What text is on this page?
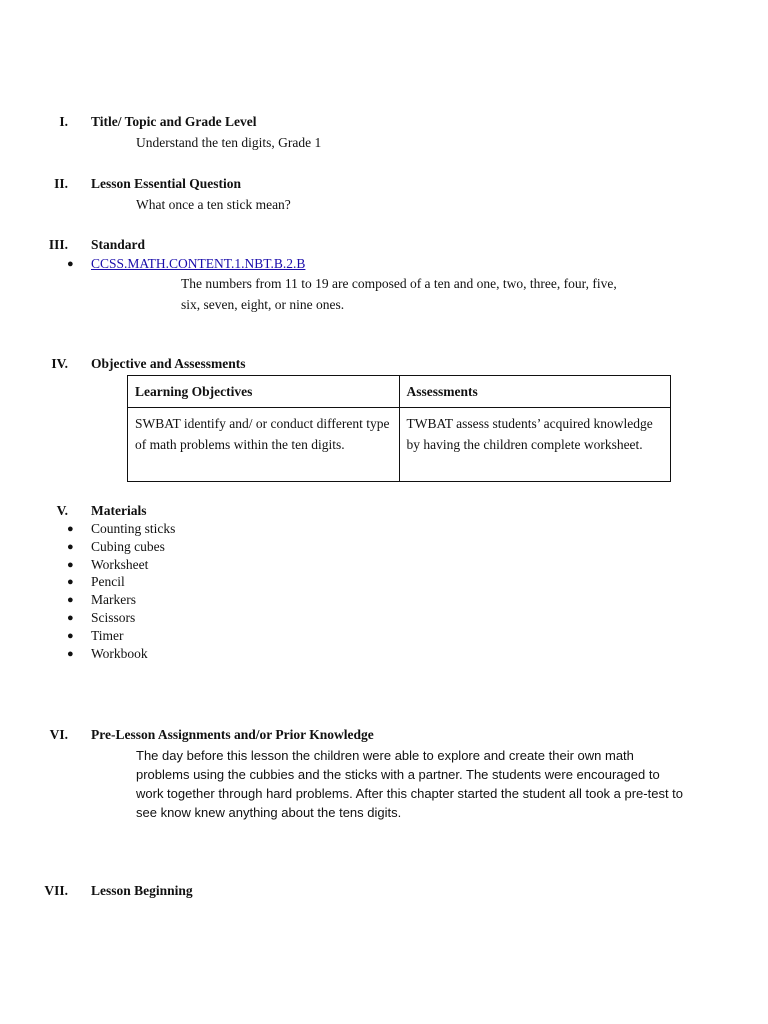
I. Title/ Topic and Grade Level
Understand the ten digits, Grade 1
II. Lesson Essential Question
What once a ten stick mean?
III. Standard
● CCSS.MATH.CONTENT.1.NBT.B.2.B
The numbers from 11 to 19 are composed of a ten and one, two, three, four, five,
six, seven, eight, or nine ones.
IV. Objective and Assessments
Learning Objectives	Assessments
SWBAT identify and/ or conduct different type of math problems within the ten digits.	TWBAT assess students’ acquired knowledge by having the children complete worksheet.
V. Materials
● Counting sticks
● Cubing cubes
● Worksheet
● Pencil
● Markers
● Scissors
● Timer
● Workbook
VI. Pre-Lesson Assignments and/or Prior Knowledge
The day before this lesson the children were able to explore and create their own math problems using the cubbies and the sticks with a partner. The students were encouraged to work together through hard problems. After this chapter started the student all took a pre-test to see know knew anything about the tens digits.
VII. Lesson Beginning
